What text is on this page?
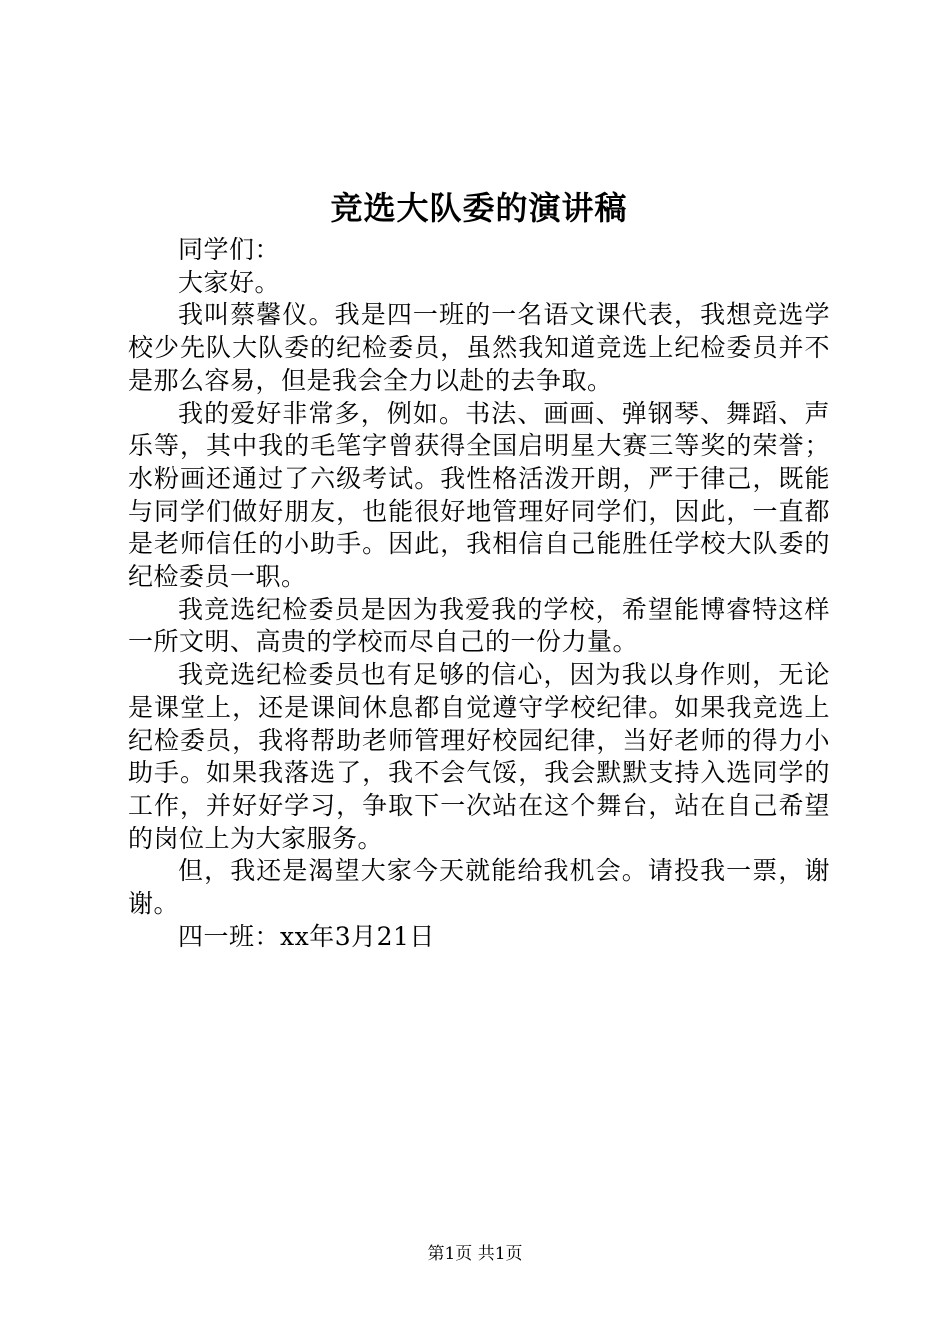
竞选大队委的演讲稿

同学们：

大家好。

我叫蔡馨仪。我是四一班的一名语文课代表，我想竞选学校少先队大队委的纪检委员，虽然我知道竞选上纪检委员并不是那么容易，但是我会全力以赴的去争取。

我的爱好非常多，例如。书法、画画、弹钢琴、舞蹈、声乐等，其中我的毛笔字曾获得全国启明星大赛三等奖的荣誉；水粉画还通过了六级考试。我性格活泼开朗，严于律己，既能与同学们做好朋友，也能很好地管理好同学们，因此，一直都是老师信任的小助手。因此，我相信自己能胜任学校大队委的纪检委员一职。

我竞选纪检委员是因为我爱我的学校，希望能博睿特这样一所文明、高贵的学校而尽自己的一份力量。

我竞选纪检委员也有足够的信心，因为我以身作则，无论是课堂上，还是课间休息都自觉遵守学校纪律。如果我竞选上纪检委员，我将帮助老师管理好校园纪律，当好老师的得力小助手。如果我落选了，我不会气馁，我会默默支持入选同学的工作，并好好学习，争取下一次站在这个舞台，站在自己希望的岗位上为大家服务。

但，我还是渴望大家今天就能给我机会。请投我一票，谢谢。

四一班：xx年3月21日

第1页 共1页
